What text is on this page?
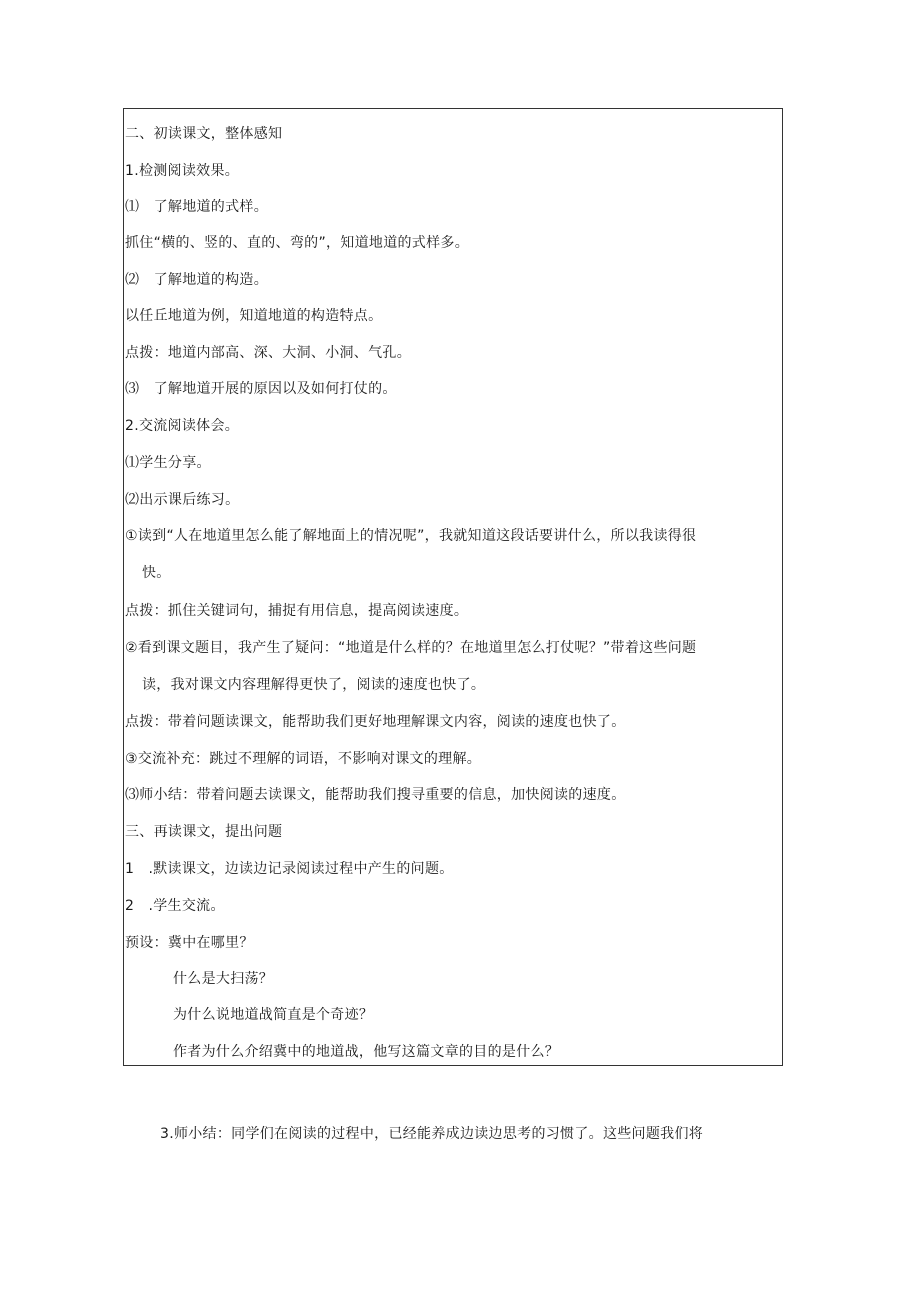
二、初读课文，整体感知
1.检测阅读效果。
⑴　了解地道的式样。
抓住“横的、竖的、直的、弯的”，知道地道的式样多。
⑵　了解地道的构造。
以任丘地道为例，知道地道的构造特点。
点拨：地道内部高、深、大洞、小洞、气孔。
⑶　了解地道开展的原因以及如何打仗的。
2.交流阅读体会。
⑴学生分享。
⑵出示课后练习。
①读到“人在地道里怎么能了解地面上的情况呢”，我就知道这段话要讲什么，所以我读得很
快。
点拨：抓住关键词句，捕捉有用信息，提高阅读速度。
②看到课文题目，我产生了疑问：“地道是什么样的？在地道里怎么打仗呢？”带着这些问题
读，我对课文内容理解得更快了，阅读的速度也快了。
点拨：带着问题读课文，能帮助我们更好地理解课文内容，阅读的速度也快了。
③交流补充：跳过不理解的词语，不影响对课文的理解。
⑶师小结：带着问题去读课文，能帮助我们搜寻重要的信息，加快阅读的速度。
三、再读课文，提出问题
1　.默读课文，边读边记录阅读过程中产生的问题。
2　.学生交流。
预设：冀中在哪里？
什么是大扫荡？
为什么说地道战简直是个奇迹？
作者为什么介绍冀中的地道战，他写这篇文章的目的是什么？
3.师小结：同学们在阅读的过程中，已经能养成边读边思考的习惯了。这些问题我们将
